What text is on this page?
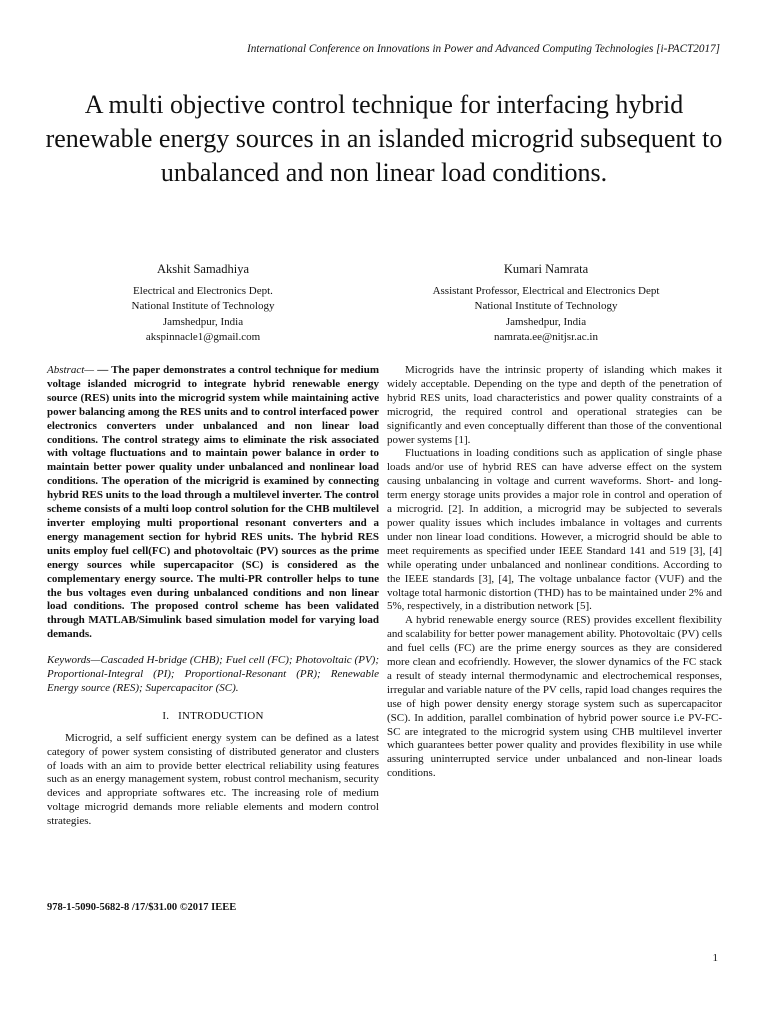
International Conference on Innovations in Power and Advanced Computing Technologies [i-PACT2017]
A multi objective control technique for interfacing hybrid renewable energy sources in an islanded microgrid subsequent to unbalanced and non linear load conditions.
Akshit Samadhiya
Electrical and Electronics Dept.
National Institute of Technology
Jamshedpur, India
akspinnacle1@gmail.com
Kumari Namrata
Assistant Professor, Electrical and Electronics Dept
National Institute of Technology
Jamshedpur, India
namrata.ee@nitjsr.ac.in

Abstract— — The paper demonstrates a control technique for medium voltage islanded microgrid to integrate hybrid renewable energy source (RES) units into the microgrid system while maintaining active power balancing among the RES units and to control interfaced power electronics converters under unbalanced and non linear load conditions. The control strategy aims to eliminate the risk associated with voltage fluctuations and to maintain power balance in order to maintain better power quality under unbalanced and nonlinear load conditions. The operation of the micrigrid is examined by connecting hybrid RES units to the load through a multilevel inverter. The control scheme consists of a multi loop control solution for the CHB multilevel inverter employing multi proportional resonant converters and a energy management section for hybrid RES units. The hybrid RES units employ fuel cell(FC) and photovoltaic (PV) sources as the prime energy sources while supercapacitor (SC) is considered as the complementary energy source. The multi-PR controller helps to tune the bus voltages even during unbalanced conditions and non linear load conditions. The proposed control scheme has been validated through MATLAB/Simulink based simulation model for varying load demands.

Keywords—Cascaded H-bridge (CHB); Fuel cell (FC); Photovoltaic (PV); Proportional-Integral (PI); Proportional-Resonant (PR); Renewable Energy source (RES); Supercapacitor (SC).

I. INTRODUCTION

Microgrid, a self sufficient energy system can be defined as a latest category of power system consisting of distributed generator and clusters of loads with an aim to provide better electrical reliability using features such as an energy management system, robust control mechanism, security devices and appropriate softwares etc. The increasing role of medium voltage microgrid demands more reliable elements and modern control strategies.

Microgrids have the intrinsic property of islanding which makes it widely acceptable. Depending on the type and depth of the penetration of hybrid RES units, load characteristics and power quality constraints of a microgrid, the required control and operational strategies can be significantly and even conceptually different than those of the conventional power systems [1].

Fluctuations in loading conditions such as application of single phase loads and/or use of hybrid RES can have adverse effect on the system causing unbalancing in voltage and current waveforms. Short- and long-term energy storage units provides a major role in control and operation of a microgrid. [2]. In addition, a microgrid may be subjected to severals power quality issues which includes imbalance in voltages and currents under non linear load conditions. However, a microgrid should be able to meet requirements as specified under IEEE Standard 141 and 519 [3], [4] while operating under unbalanced and nonlinear conditions. According to the IEEE standards [3], [4], The voltage unbalance factor (VUF) and the voltage total harmonic distortion (THD) has to be maintained under 2% and 5%, respectively, in a distribution network [5].

A hybrid renewable energy source (RES) provides excellent flexibility and scalability for better power management ability. Photovoltaic (PV) cells and fuel cells (FC) are the prime energy sources as they are considered more clean and ecofriendly. However, the slower dynamics of the FC stack a result of steady internal thermodynamic and electrochemical responses, irregular and variable nature of the PV cells, rapid load changes requires the use of high power density energy storage system such as supercapacitor (SC). In addition, parallel combination of hybrid power source i.e PV-FC-SC are integrated to the microgrid system using CHB multilevel inverter which guarantees better power quality and provides flexibility in use while assuring uninterrupted service under unbalanced and non-linear loads conditions.

978-1-5090-5682-8 /17/$31.00 ©2017 IEEE
1
